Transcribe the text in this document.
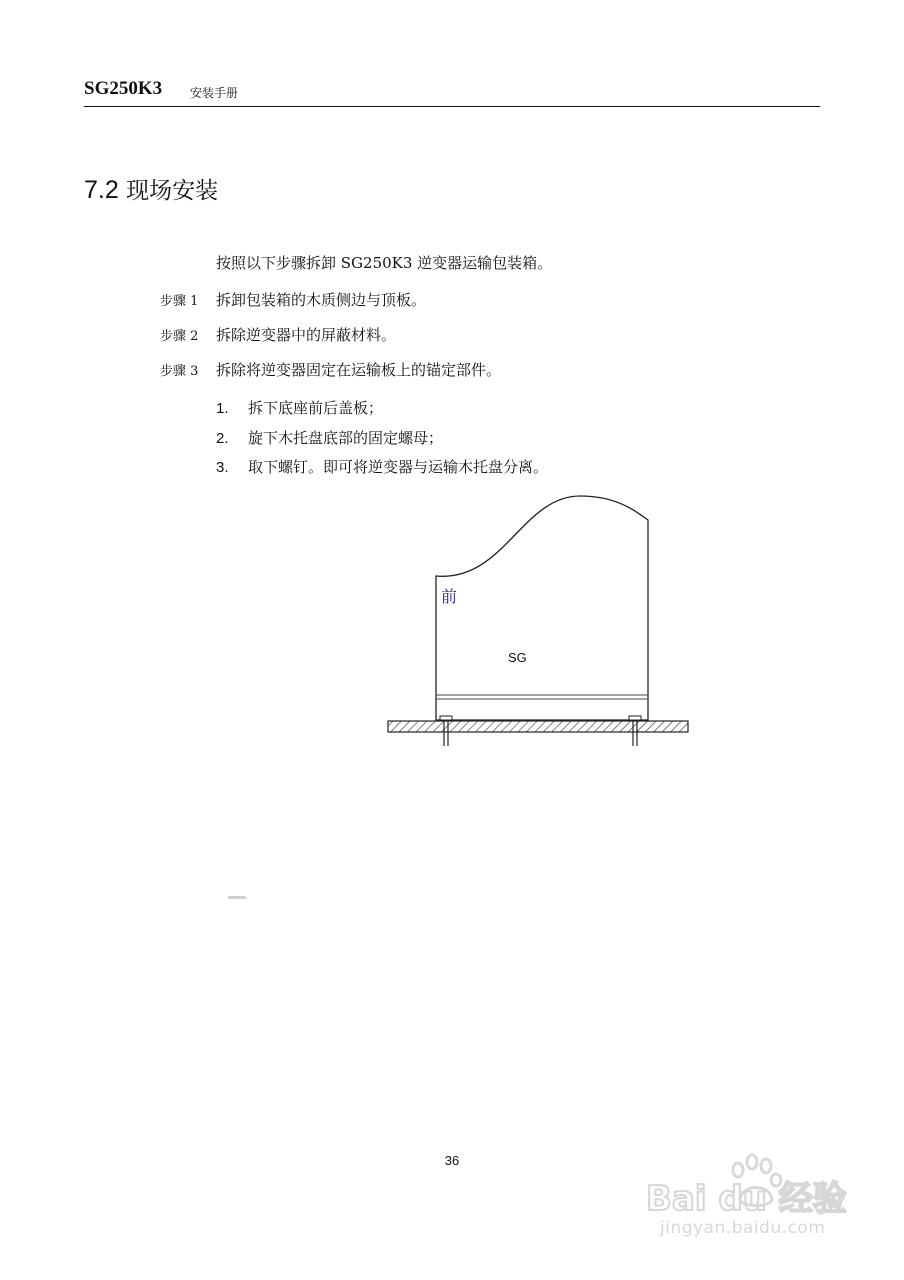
SG250K3 安装手册
7.2 现场安装
按照以下步骤拆卸 SG250K3 逆变器运输包装箱。
步骤 1 拆卸包装箱的木质侧边与顶板。
步骤 2 拆除逆变器中的屏蔽材料。
步骤 3 拆除将逆变器固定在运输板上的锚定部件。
1. 拆下底座前后盖板；
2. 旋下木托盘底部的固定螺母；
3. 取下螺钉。即可将逆变器与运输木托盘分离。
前
SG
36
Bai du 经验
jingyan.baidu.com
